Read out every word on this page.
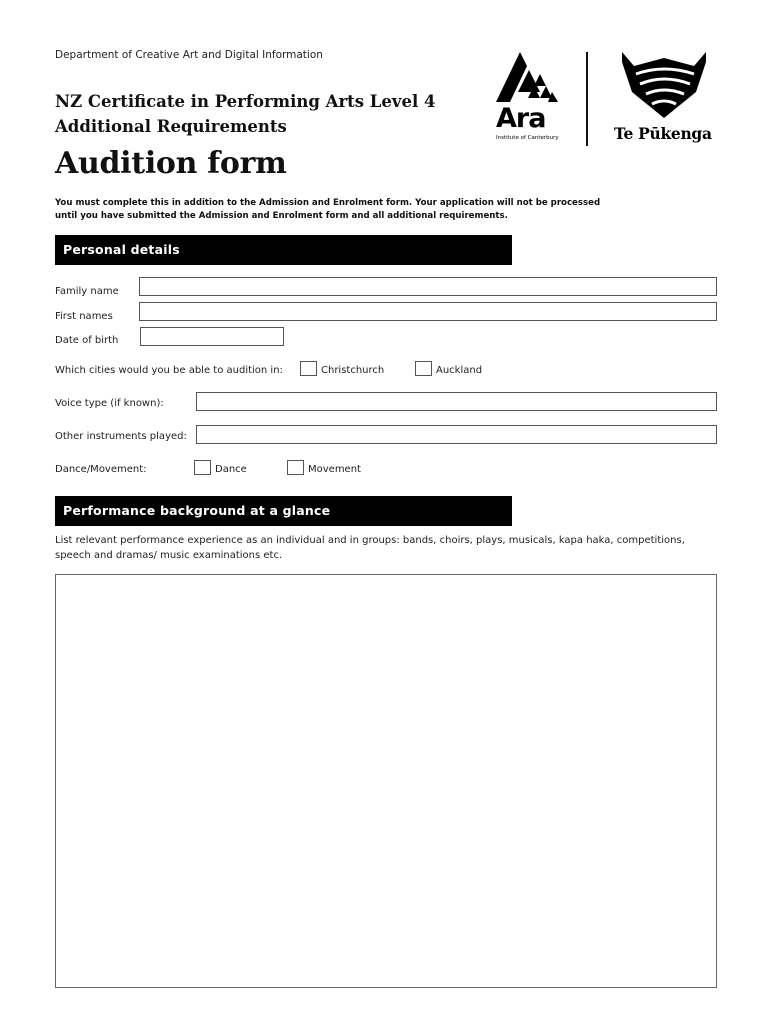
Department of Creative Art and Digital Information
NZ Certificate in Performing Arts Level 4
Additional Requirements
Audition form
You must complete this in addition to the Admission and Enrolment form. Your application will not be processed until you have submitted the Admission and Enrolment form and all additional requirements.
Ara
Institute of Canterbury	Te Pūkenga
Personal details
Family name
First names
Date of birth
Which cities would you be able to audition in:	Christchurch	Auckland
Voice type (if known):
Other instruments played:
Dance/Movement:	Dance	Movement
Performance background at a glance
List relevant performance experience as an individual and in groups: bands, choirs, plays, musicals, kapa haka, competitions, speech and dramas/ music examinations etc.
